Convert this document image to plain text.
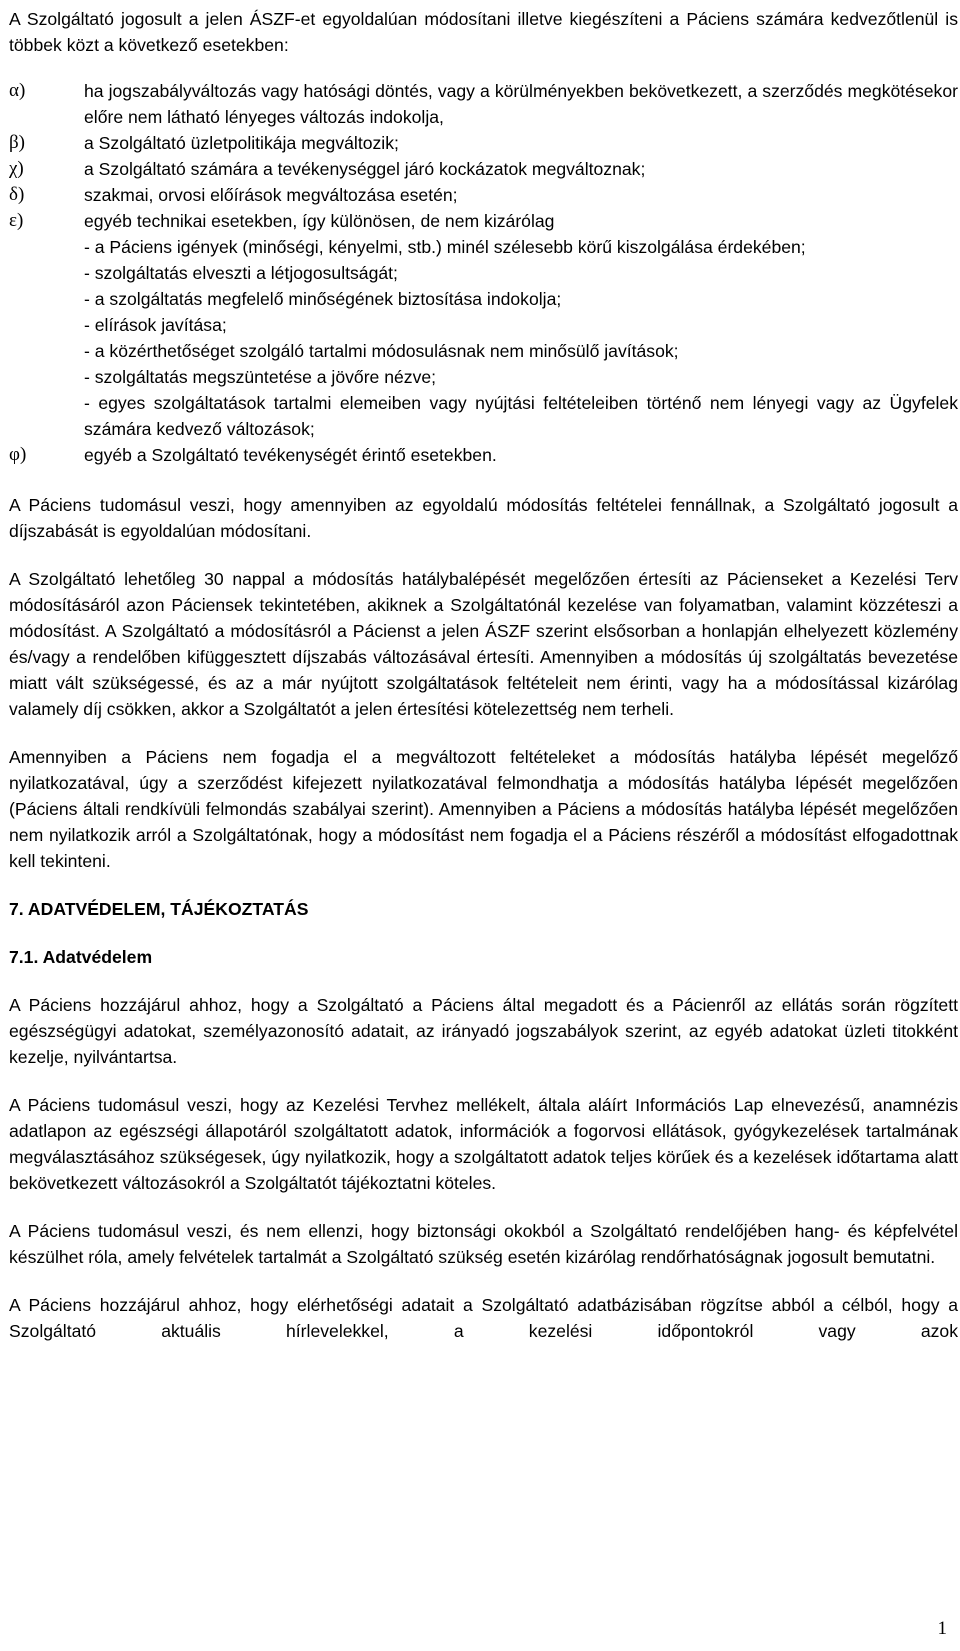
A Szolgáltató jogosult a jelen ÁSZF-et egyoldalúan módosítani illetve kiegészíteni a Páciens számára kedvezőtlenül is többek közt a következő esetekben:

α)	ha jogszabályváltozás vagy hatósági döntés, vagy a körülményekben bekövetkezett, a szerződés megkötésekor előre nem látható lényeges változás indokolja,
β)	a Szolgáltató üzletpolitikája megváltozik;
χ)	a Szolgáltató számára a tevékenységgel járó kockázatok megváltoznak;
δ)	szakmai, orvosi előírások megváltozása esetén;
ε)	egyéb technikai esetekben, így különösen, de nem kizárólag

- a Páciens igények (minőségi, kényelmi, stb.) minél szélesebb körű kiszolgálása érdekében;

- szolgáltatás elveszti a létjogosultságát;

- a szolgáltatás megfelelő minőségének biztosítása indokolja;

- elírások javítása;

- a közérthetőséget szolgáló tartalmi módosulásnak nem minősülő javítások;

- szolgáltatás megszüntetése a jövőre nézve;

- egyes szolgáltatások tartalmi elemeiben vagy nyújtási feltételeiben történő nem lényegi vagy az Ügyfelek számára kedvező változások;

φ)	egyéb a Szolgáltató tevékenységét érintő esetekben.

A Páciens tudomásul veszi, hogy amennyiben az egyoldalú módosítás feltételei fennállnak, a Szolgáltató jogosult a díjszabását is egyoldalúan módosítani.

A Szolgáltató lehetőleg 30 nappal a módosítás hatálybalépését megelőzően értesíti az Pácienseket a Kezelési Terv módosításáról azon Páciensek tekintetében, akiknek a Szolgáltatónál kezelése van folyamatban, valamint közzéteszi a módosítást. A Szolgáltató a módosításról a Pácienst a jelen ÁSZF szerint elsősorban a honlapján elhelyezett közlemény és/vagy a rendelőben kifüggesztett díjszabás változásával értesíti. Amennyiben a módosítás új szolgáltatás bevezetése miatt vált szükségessé, és az a már nyújtott szolgáltatások feltételeit nem érinti, vagy ha a módosítással kizárólag valamely díj csökken, akkor a Szolgáltatót a jelen értesítési kötelezettség nem terheli.

Amennyiben a Páciens nem fogadja el a megváltozott feltételeket a módosítás hatályba lépését megelőző nyilatkozatával, úgy a szerződést kifejezett nyilatkozatával felmondhatja a módosítás hatályba lépését megelőzően (Páciens általi rendkívüli felmondás szabályai szerint). Amennyiben a Páciens a módosítás hatályba lépését megelőzően nem nyilatkozik arról a Szolgáltatónak, hogy a módosítást nem fogadja el a Páciens részéről a módosítást elfogadottnak kell tekinteni.

7. ADATVÉDELEM, TÁJÉKOZTATÁS
7.1. Adatvédelem

A Páciens hozzájárul ahhoz, hogy a Szolgáltató a Páciens által megadott és a Pácienről az ellátás során rögzített egészségügyi adatokat, személyazonosító adatait, az irányadó jogszabályok szerint, az egyéb adatokat üzleti titokként kezelje, nyilvántartsa.

A Páciens tudomásul veszi, hogy az Kezelési Tervhez mellékelt, általa aláírt Információs Lap elnevezésű, anamnézis adatlapon az egészségi állapotáról szolgáltatott adatok, információk a fogorvosi ellátások, gyógykezelések tartalmának megválasztásához szükségesek, úgy nyilatkozik, hogy a szolgáltatott adatok teljes körűek és a kezelések időtartama alatt bekövetkezett változásokról a Szolgáltatót tájékoztatni köteles.

A Páciens tudomásul veszi, és nem ellenzi, hogy biztonsági okokból a Szolgáltató rendelőjében hang- és képfelvétel készülhet róla, amely felvételek tartalmát a Szolgáltató szükség esetén kizárólag rendőrhatóságnak jogosult bemutatni.

A Páciens hozzájárul ahhoz, hogy elérhetőségi adatait a Szolgáltató adatbázisában rögzítse abból a célból, hogy a Szolgáltató aktuális hírlevelekkel, a kezelési időpontokról vagy azok

1
